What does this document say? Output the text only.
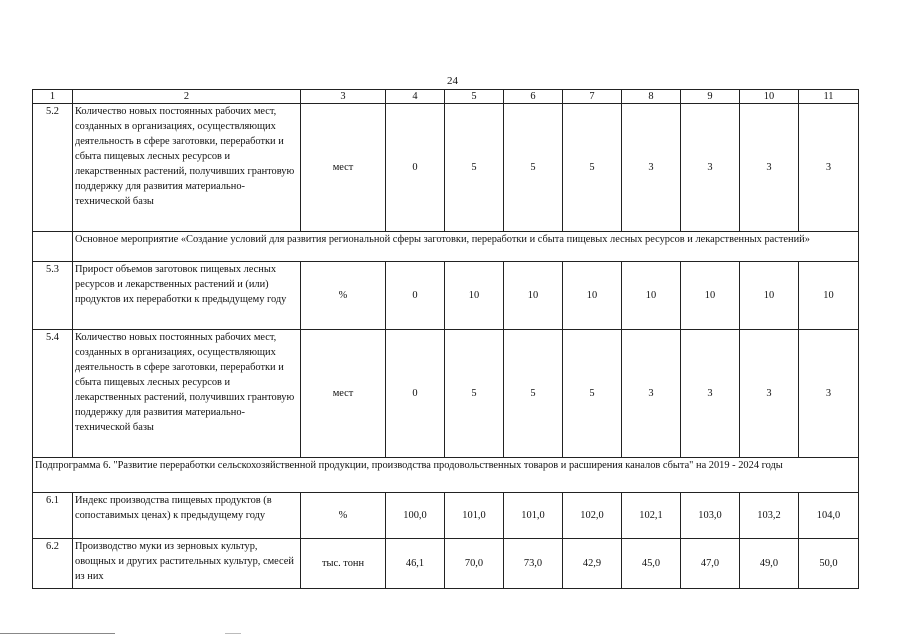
24
1	2	3	4	5	6	7	8	9	10	11
5.2	Количество новых постоянных рабочих мест, созданных в организациях, осуществляющих деятельность в сфере заготовки, переработки и сбыта пищевых лесных ресурсов и лекарственных растений, получивших грантовую поддержку для развития материально-технической базы	мест	0	5	5	5	3	3	3	3
	Основное мероприятие «Создание условий для развития региональной сферы заготовки, переработки и сбыта пищевых лесных ресурсов и лекарственных растений»									
5.3	Прирост объемов заготовок пищевых лесных ресурсов и лекарственных растений и (или) продуктов их переработки к предыдущему году	%	0	10	10	10	10	10	10	10
5.4	Количество новых постоянных рабочих мест, созданных в организациях, осуществляющих деятельность в сфере заготовки, переработки и сбыта пищевых лесных ресурсов и лекарственных растений, получивших грантовую поддержку для развития материально-технической базы	мест	0	5	5	5	3	3	3	3
Подпрограмма 6. "Развитие переработки сельскохозяйственной продукции, производства продовольственных товаров и расширения каналов сбыта" на 2019 - 2024 годы										
6.1	Индекс производства пищевых продуктов (в сопоставимых ценах) к предыдущему году	%	100,0	101,0	101,0	102,0	102,1	103,0	103,2	104,0
6.2	Производство муки из зерновых культур, овощных и других растительных культур, смесей из них	тыс. тонн	46,1	70,0	73,0	42,9	45,0	47,0	49,0	50,0
